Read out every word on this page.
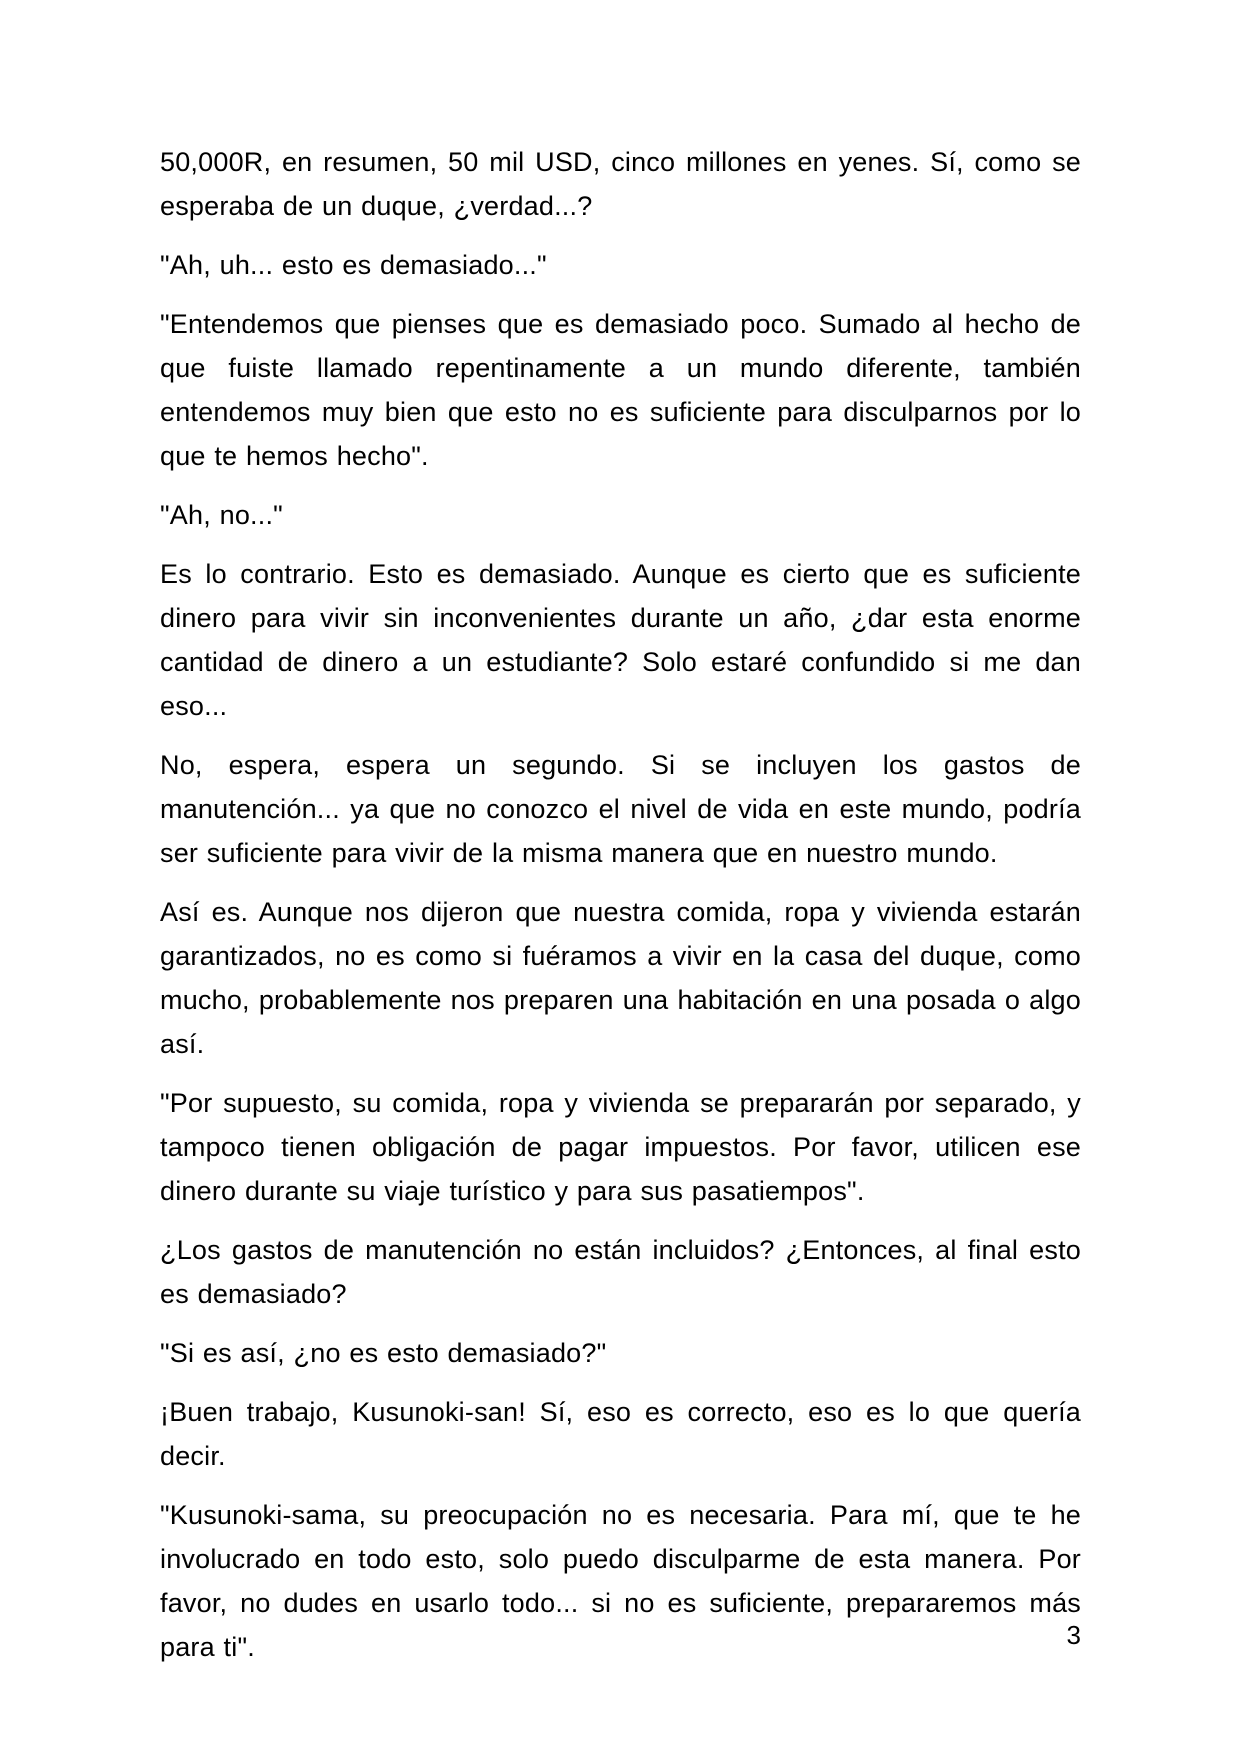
50,000R, en resumen, 50 mil USD, cinco millones en yenes. Sí, como se esperaba de un duque, ¿verdad...?

"Ah, uh... esto es demasiado..."

"Entendemos que pienses que es demasiado poco. Sumado al hecho de que fuiste llamado repentinamente a un mundo diferente, también entendemos muy bien que esto no es suficiente para disculparnos por lo que te hemos hecho".

"Ah, no..."

Es lo contrario. Esto es demasiado. Aunque es cierto que es suficiente dinero para vivir sin inconvenientes durante un año, ¿dar esta enorme cantidad de dinero a un estudiante? Solo estaré confundido si me dan eso...

No, espera, espera un segundo. Si se incluyen los gastos de manutención... ya que no conozco el nivel de vida en este mundo, podría ser suficiente para vivir de la misma manera que en nuestro mundo.

Así es. Aunque nos dijeron que nuestra comida, ropa y vivienda estarán garantizados, no es como si fuéramos a vivir en la casa del duque, como mucho, probablemente nos preparen una habitación en una posada o algo así.

"Por supuesto, su comida, ropa y vivienda se prepararán por separado, y tampoco tienen obligación de pagar impuestos. Por favor, utilicen ese dinero durante su viaje turístico y para sus pasatiempos".

¿Los gastos de manutención no están incluidos? ¿Entonces, al final esto es demasiado?

"Si es así, ¿no es esto demasiado?"

¡Buen trabajo, Kusunoki-san! Sí, eso es correcto, eso es lo que quería decir.

"Kusunoki-sama, su preocupación no es necesaria. Para mí, que te he involucrado en todo esto, solo puedo disculparme de esta manera. Por favor, no dudes en usarlo todo... si no es suficiente, prepararemos más para ti".	3
